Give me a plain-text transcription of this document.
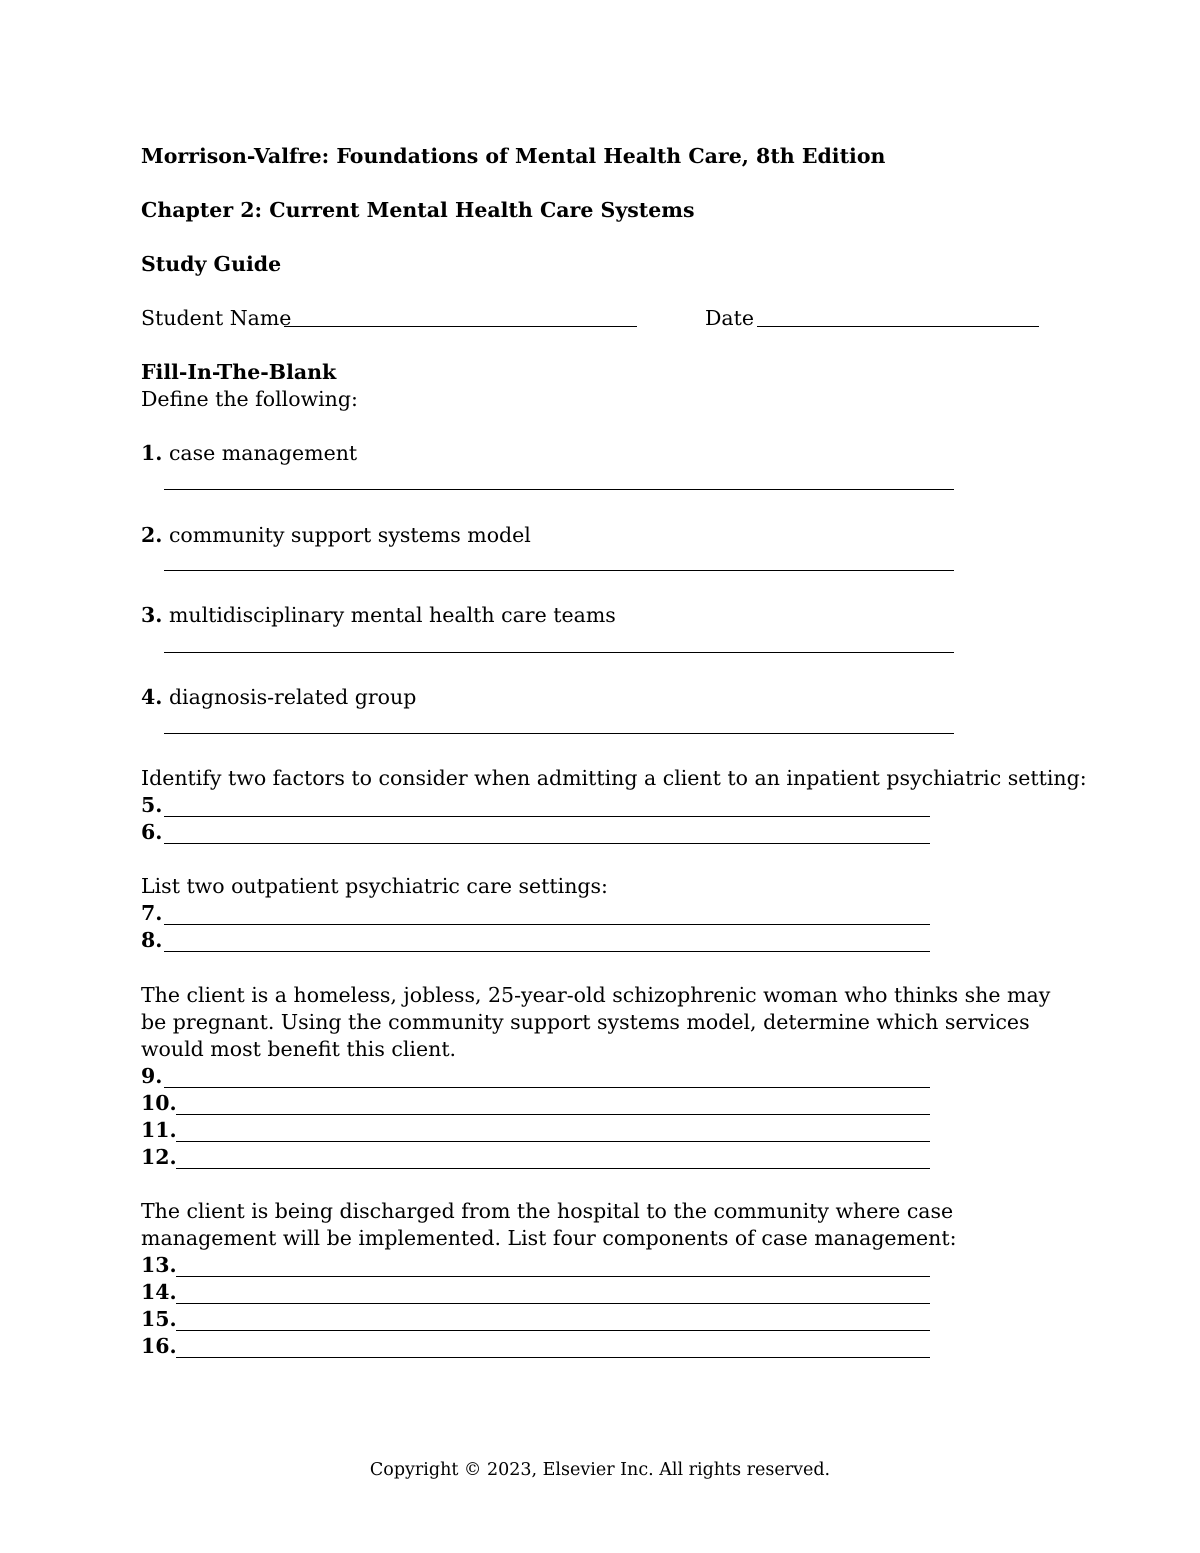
Morrison-Valfre: Foundations of Mental Health Care, 8th Edition
Chapter 2: Current Mental Health Care Systems
Study Guide
Student Name	Date
Fill-In-The-Blank
Define the following:
1. case management
2. community support systems model
3. multidisciplinary mental health care teams
4. diagnosis-related group
Identify two factors to consider when admitting a client to an inpatient psychiatric setting:
5.
6.
List two outpatient psychiatric care settings:
7.
8.
The client is a homeless, jobless, 25-year-old schizophrenic woman who thinks she may be pregnant. Using the community support systems model, determine which services would most benefit this client.
9.
10.
11.
12.
The client is being discharged from the hospital to the community where case management will be implemented. List four components of case management:
13.
14.
15.
16.
Copyright © 2023, Elsevier Inc. All rights reserved.
